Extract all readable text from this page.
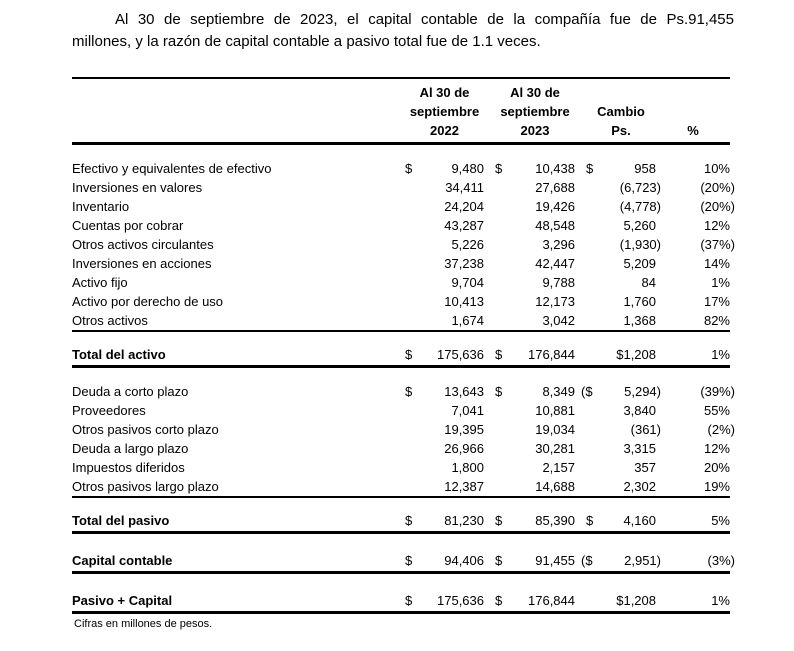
Al 30 de septiembre de 2023, el capital contable de la compañía fue de Ps.91,455
millones, y la razón de capital contable a pasivo total fue de 1.1 veces.
Al 30 de
septiembre
2022
Al 30 de
septiembre
2023
Cambio
Ps.	%
Efectivo y equivalentes de efectivo	$	9,480 $	10,438 $	958	10%
Inversiones en valores	34,411	27,688	(6,723)	(20%)
Inventario	24,204	19,426	(4,778)	(20%)
Cuentas por cobrar	43,287	48,548	5,260	12%
Otros activos circulantes	5,226	3,296	(1,930)	(37%)
Inversiones en acciones	37,238	42,447	5,209	14%
Activo fijo	9,704	9,788	84	1%
Activo por derecho de uso	10,413	12,173	1,760	17%
Otros activos	1,674	3,042	1,368	82%
Total del activo	$	175,636 $	176,844	$1,208	1%
Deuda a corto plazo	$	13,643 $	8,349 ($	5,294)	(39%)
Proveedores	7,041	10,881	3,840	55%
Otros pasivos corto plazo	19,395	19,034	(361)	(2%)
Deuda a largo plazo	26,966	30,281	3,315	12%
Impuestos diferidos	1,800	2,157	357	20%
Otros pasivos largo plazo	12,387	14,688	2,302	19%
Total del pasivo	$	81,230 $	85,390 $	4,160	5%
Capital contable	$	94,406 $	91,455 ($	2,951)	(3%)
Pasivo + Capital	$	175,636 $	176,844	$1,208	1%
Cifras en millones de pesos.
